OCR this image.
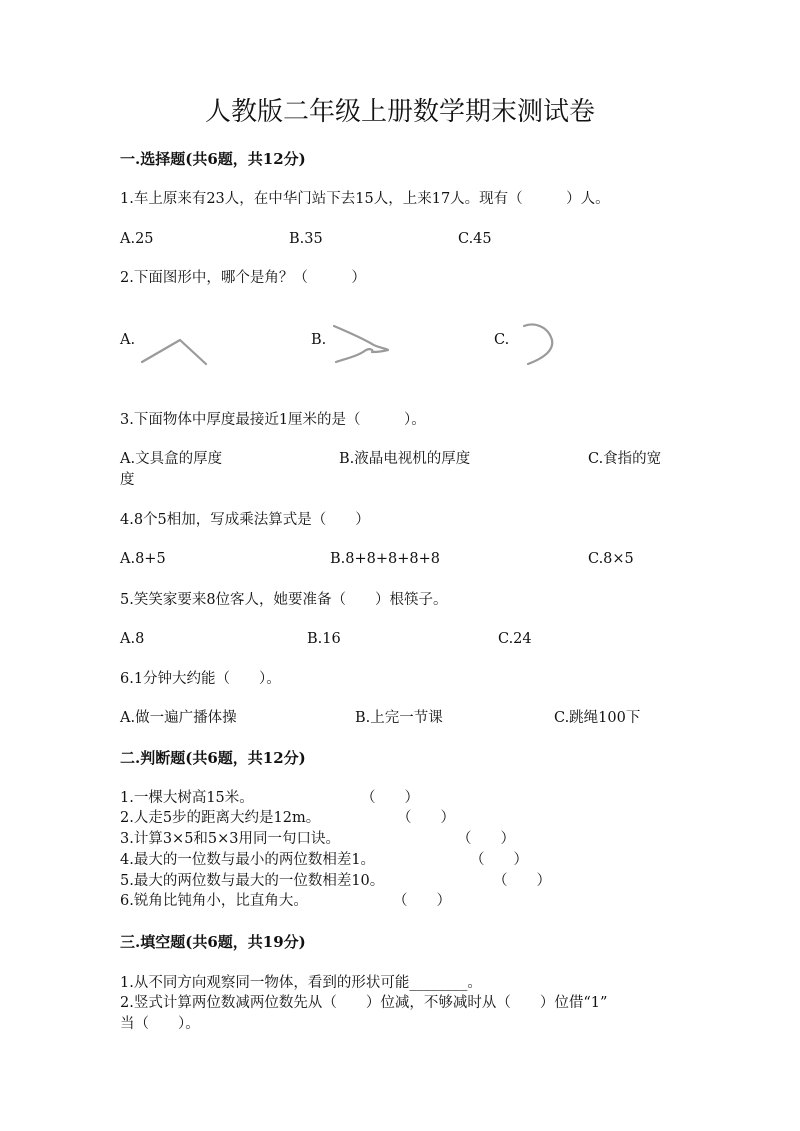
人教版二年级上册数学期末测试卷
一.选择题(共6题，共12分)
1.车上原来有23人，在中华门站下去15人，上来17人。现有（　　　）人。
A.25	B.35	C.45
2.下面图形中，哪个是角？（　　　）
A.	B.	C.
3.下面物体中厚度最接近1厘米的是（　　　）。
A.文具盒的厚度	B.液晶电视机的厚度	C.食指的宽
度
4.8个5相加，写成乘法算式是（　　）
A.8+5	B.8+8+8+8+8	C.8×5
5.笑笑家要来8位客人，她要准备（　　）根筷子。
A.8	B.16	C.24
6.1分钟大约能（　　）。
A.做一遍广播体操	B.上完一节课	C.跳绳100下
二.判断题(共6题，共12分)
1.一棵大树高15米。	（　　）
2.人走5步的距离大约是12m。	（　　）
3.计算3×5和5×3用同一句口诀。	（　　）
4.最大的一位数与最小的两位数相差1。	（　　）
5.最大的两位数与最大的一位数相差10。	（　　）
6.锐角比钝角小，比直角大。	（　　）
三.填空题(共6题，共19分)
1.从不同方向观察同一物体，看到的形状可能________。
2.竖式计算两位数减两位数先从（　　）位减，不够减时从（　　）位借“1”
当（　　）。
